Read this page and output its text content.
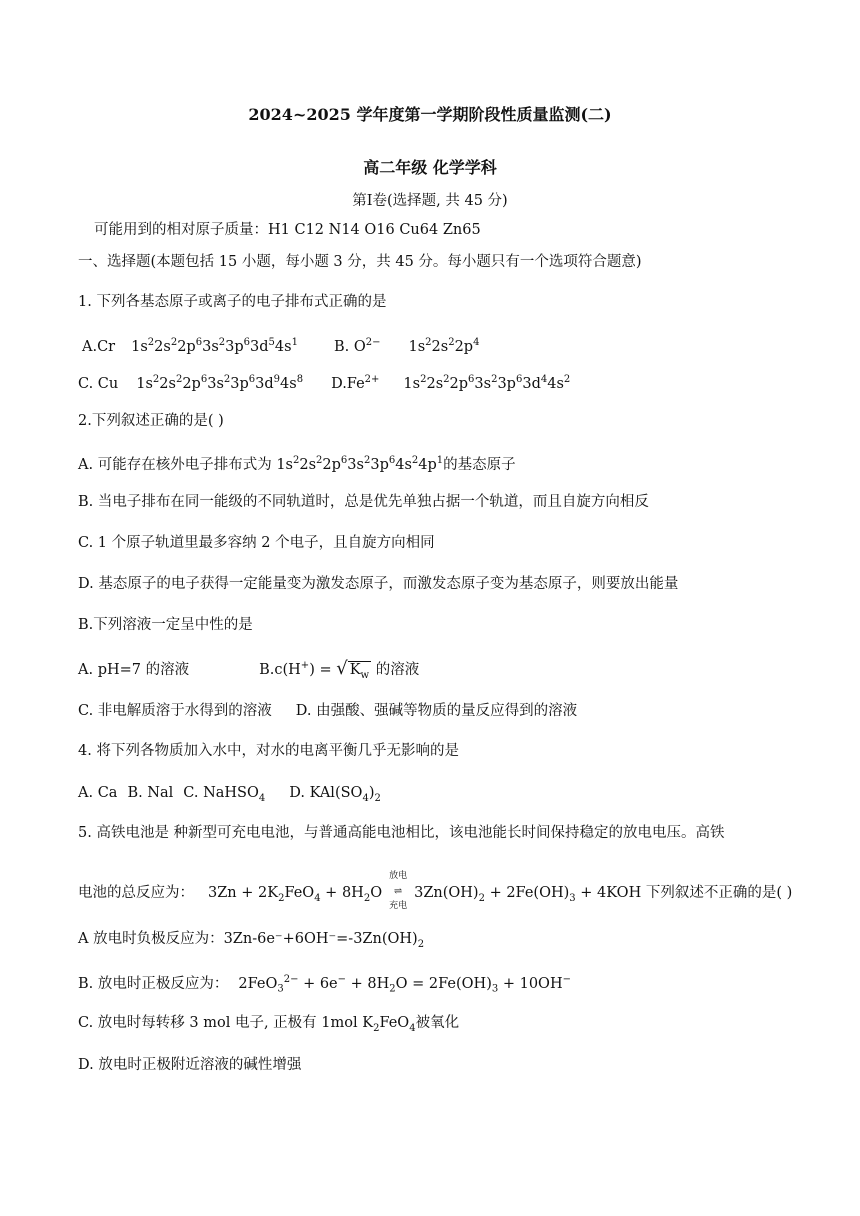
2024~2025 学年度第一学期阶段性质量监测(二)
高二年级 化学学科
第Ⅰ卷(选择题, 共 45 分)
可能用到的相对原子质量：H1 C12 N14 O16 Cu64 Zn65
一、选择题(本题包括 15 小题，每小题 3 分，共 45 分。每小题只有一个选项符合题意)
1. 下列各基态原子或离子的电子排布式正确的是
A.Cr $1s^22s^22p^63s^23p^63d^54s^1$ B. $O^{2-}$ $1s^22s^22p^4$
C. Cu $1s^22s^22p^63s^23p^63d^94s^8$ $D.Fe^{2+}$ $1s^22s^22p^63s^23p^63d^44s^2$
2.下列叙述正确的是( )
A. 可能存在核外电子排布式为 $1s^22s^22p^63s^23p^64s^24p^1$的基态原子
B. 当电子排布在同一能级的不同轨道时，总是优先单独占据一个轨道，而且自旋方向相反
C. 1 个原子轨道里最多容纳 2 个电子，且自旋方向相同
D. 基态原子的电子获得一定能量变为激发态原子，而激发态原子变为基态原子，则要放出能量
B.下列溶液一定呈中性的是
A. pH=7 的溶液	B.c(H+) = √ $K_w$ 的溶液
C. 非电解质溶于水得到的溶液 D. 由强酸、强碱等物质的量反应得到的溶液
4. 将下列各物质加入水中，对水的电离平衡几乎无影响的是
A. Ca B. Nal C. NaHSO$_4$ D. $KAl(SO_4)_2$
5. 高铁电池是 种新型可充电电池，与普通高能电池相比，该电池能长时间保持稳定的放电电压。高铁
电池的总反应为： $3Zn + 2K_2FeO_4 + 8H_2O$
放电
⇌
充电
$3Zn(OH)_2 + 2Fe(OH)_3 + 4KOH$ 下列叙述不正确的是( )
A 放电时负极反应为：$3Zn-6e^-+6OH^-=-3Zn(OH)_2$
B. 放电时正极反应为： $2FeO_3^{2-} + 6e^- + 8H_2O = 2Fe(OH)_3 + 10OH^-$
C. 放电时每转移 3 mol 电子, 正极有 1mol $K_2FeO_4$被氧化
D. 放电时正极附近溶液的碱性增强
